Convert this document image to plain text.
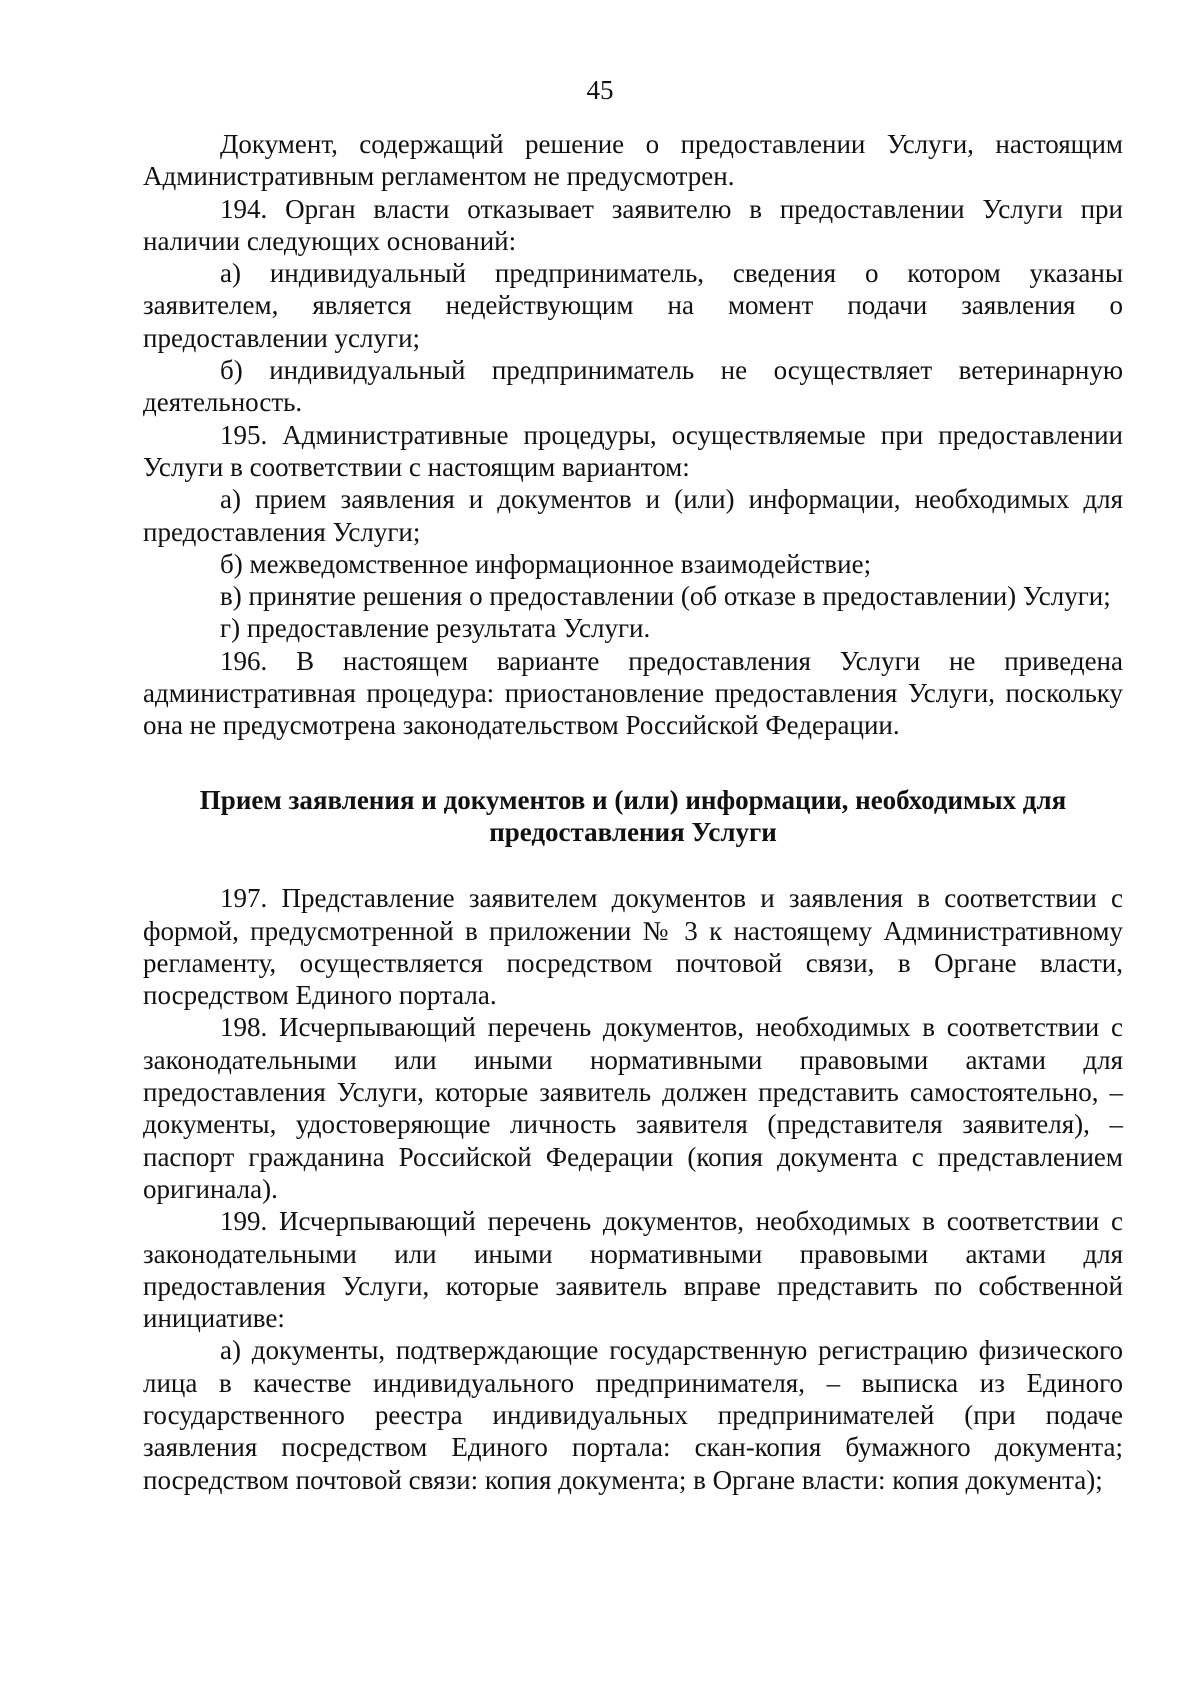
45

Документ, содержащий решение о предоставлении Услуги, настоящим Административным регламентом не предусмотрен.

194. Орган власти отказывает заявителю в предоставлении Услуги при наличии следующих оснований:

а) индивидуальный предприниматель, сведения о котором указаны заявителем, является недействующим на момент подачи заявления о предоставлении услуги;

б) индивидуальный предприниматель не осуществляет ветеринарную деятельность.

195. Административные процедуры, осуществляемые при предоставлении Услуги в соответствии с настоящим вариантом:

а) прием заявления и документов и (или) информации, необходимых для предоставления Услуги;

б) межведомственное информационное взаимодействие;

в) принятие решения о предоставлении (об отказе в предоставлении) Услуги;

г) предоставление результата Услуги.

196. В настоящем варианте предоставления Услуги не приведена административная процедура: приостановление предоставления Услуги, поскольку она не предусмотрена законодательством Российской Федерации.

Прием заявления и документов и (или) информации, необходимых для предоставления Услуги

197. Представление заявителем документов и заявления в соответствии с формой, предусмотренной в приложении № 3 к настоящему Административному регламенту, осуществляется посредством почтовой связи, в Органе власти, посредством Единого портала.

198. Исчерпывающий перечень документов, необходимых в соответствии с законодательными или иными нормативными правовыми актами для предоставления Услуги, которые заявитель должен представить самостоятельно, – документы, удостоверяющие личность заявителя (представителя заявителя), – паспорт гражданина Российской Федерации (копия документа с представлением оригинала).

199. Исчерпывающий перечень документов, необходимых в соответствии с законодательными или иными нормативными правовыми актами для предоставления Услуги, которые заявитель вправе представить по собственной инициативе:

а) документы, подтверждающие государственную регистрацию физического лица в качестве индивидуального предпринимателя, – выписка из Единого государственного реестра индивидуальных предпринимателей (при подаче заявления посредством Единого портала: скан-копия бумажного документа; посредством почтовой связи: копия документа; в Органе власти: копия документа);
